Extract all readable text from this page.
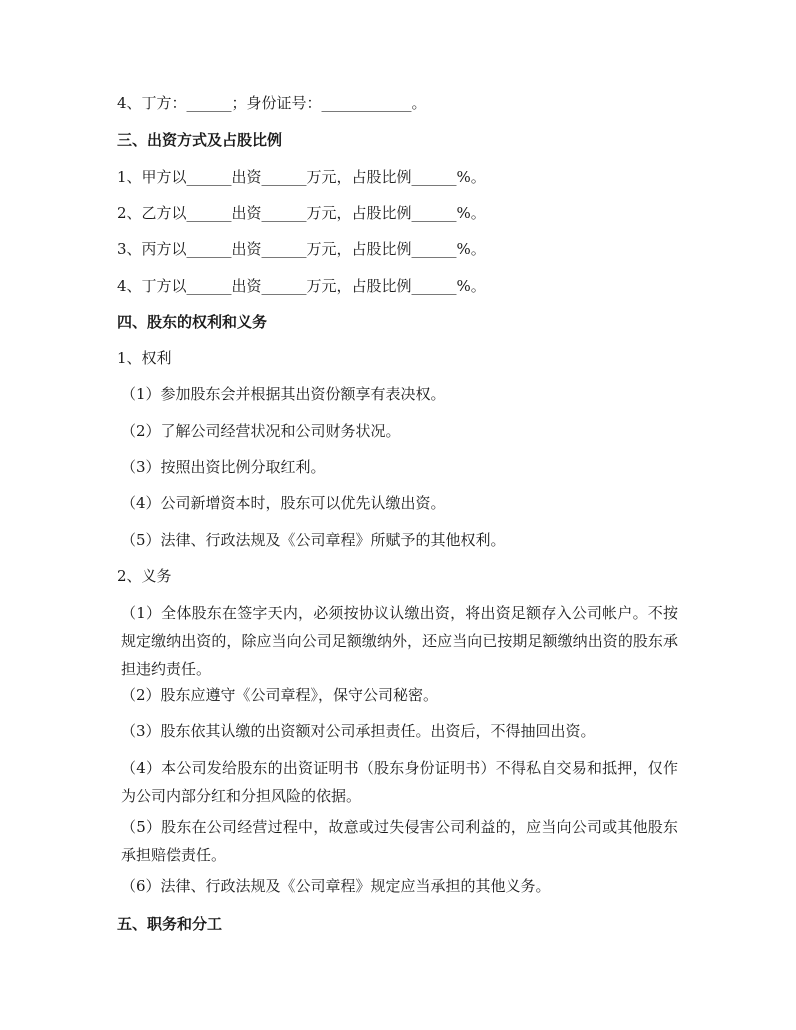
4、丁方：______；身份证号：____________。
三、出资方式及占股比例
1、甲方以______出资______万元，占股比例______%。
2、乙方以______出资______万元，占股比例______%。
3、丙方以______出资______万元，占股比例______%。
4、丁方以______出资______万元，占股比例______%。
四、股东的权利和义务
1、权利
（1）参加股东会并根据其出资份额享有表决权。
（2）了解公司经营状况和公司财务状况。
（3）按照出资比例分取红利。
（4）公司新增资本时，股东可以优先认缴出资。
（5）法律、行政法规及《公司章程》所赋予的其他权利。
2、义务
（1）全体股东在签字天内，必须按协议认缴出资，将出资足额存入公司帐户。不按规定缴纳出资的，除应当向公司足额缴纳外，还应当向已按期足额缴纳出资的股东承担违约责任。
（2）股东应遵守《公司章程》，保守公司秘密。
（3）股东依其认缴的出资额对公司承担责任。出资后，不得抽回出资。
（4）本公司发给股东的出资证明书（股东身份证明书）不得私自交易和抵押，仅作为公司内部分红和分担风险的依据。
（5）股东在公司经营过程中，故意或过失侵害公司利益的，应当向公司或其他股东承担赔偿责任。
（6）法律、行政法规及《公司章程》规定应当承担的其他义务。
五、职务和分工
